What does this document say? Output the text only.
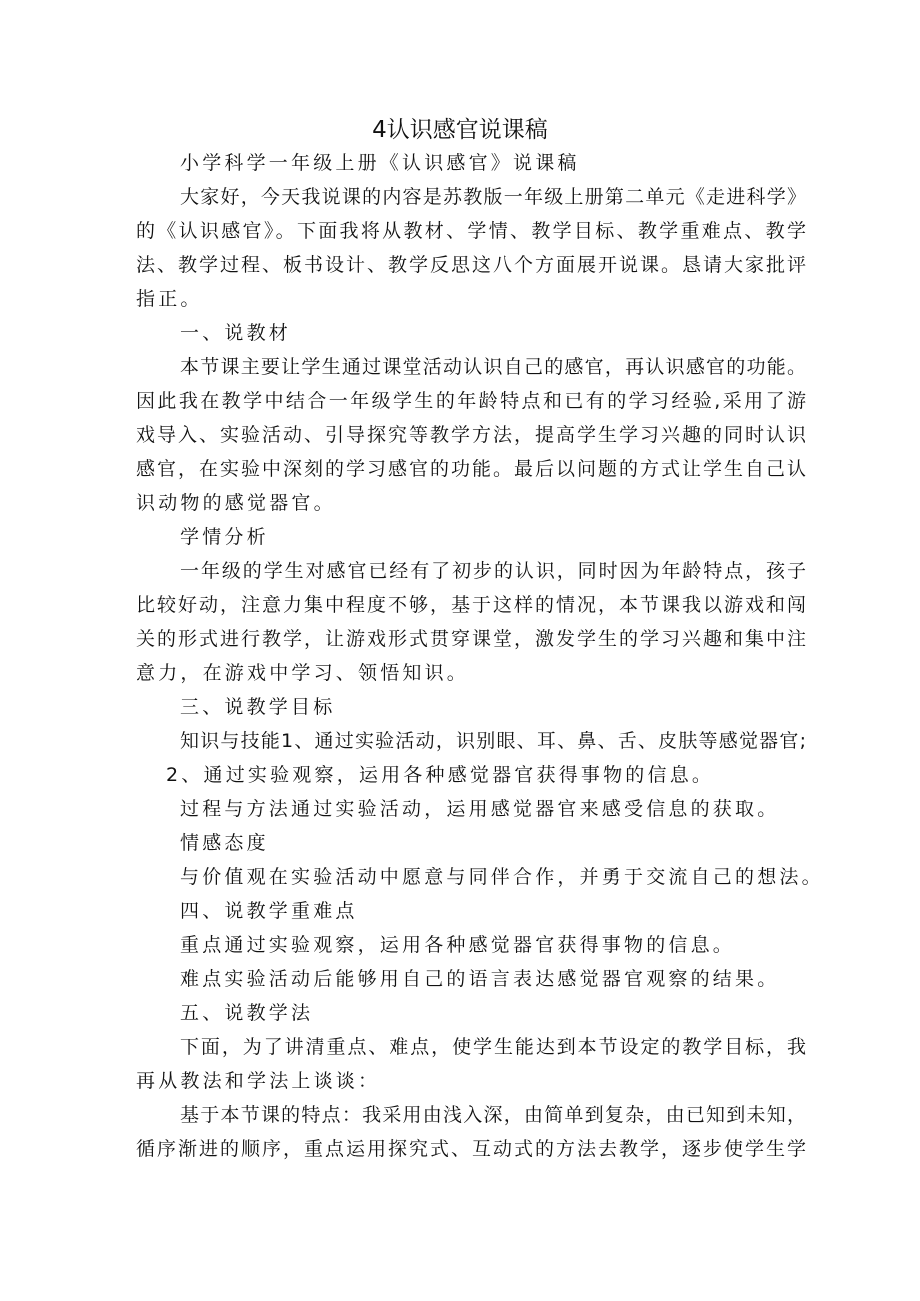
4认识感官说课稿
小学科学一年级上册《认识感官》说课稿
大家好，今天我说课的内容是苏教版一年级上册第二单元《走进科学》
的《认识感官》。下面我将从教材、学情、教学目标、教学重难点、教学
法、教学过程、板书设计、教学反思这八个方面展开说课。恳请大家批评
指正。
一、说教材
本节课主要让学生通过课堂活动认识自己的感官，再认识感官的功能。
因此我在教学中结合一年级学生的年龄特点和已有的学习经验,采用了游
戏导入、实验活动、引导探究等教学方法，提高学生学习兴趣的同时认识
感官，在实验中深刻的学习感官的功能。最后以问题的方式让学生自己认
识动物的感觉器官。
学情分析
一年级的学生对感官已经有了初步的认识，同时因为年龄特点，孩子
比较好动，注意力集中程度不够，基于这样的情况，本节课我以游戏和闯
关的形式进行教学，让游戏形式贯穿课堂，激发学生的学习兴趣和集中注
意力，在游戏中学习、领悟知识。
三、说教学目标
知识与技能1、通过实验活动，识别眼、耳、鼻、舌、皮肤等感觉器官;
2、通过实验观察，运用各种感觉器官获得事物的信息。
过程与方法通过实验活动，运用感觉器官来感受信息的获取。
情感态度
与价值观在实验活动中愿意与同伴合作，并勇于交流自己的想法。
四、说教学重难点
重点通过实验观察，运用各种感觉器官获得事物的信息。
难点实验活动后能够用自己的语言表达感觉器官观察的结果。
五、说教学法
下面，为了讲清重点、难点，使学生能达到本节设定的教学目标，我
再从教法和学法上谈谈：
基于本节课的特点：我采用由浅入深，由简单到复杂，由已知到未知，
循序渐进的顺序，重点运用探究式、互动式的方法去教学，逐步使学生学
